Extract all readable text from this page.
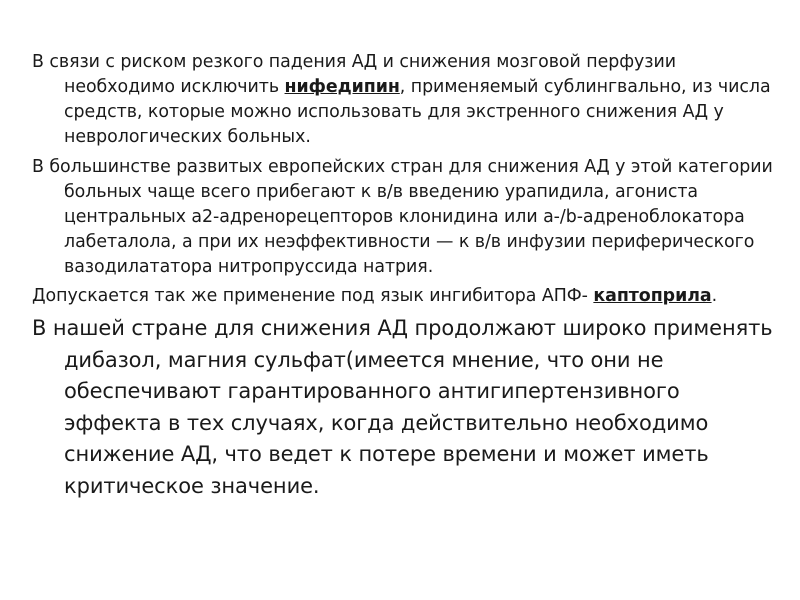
В связи с риском резкого падения АД и снижения мозговой перфузии необходимо исключить нифедипин, применяемый сублингвально, из числа средств, которые можно использовать для экстренного снижения АД у неврологических больных.

В большинстве развитых европейских стран для снижения АД у этой категории больных чаще всего прибегают к в/в введению урапидила, агониста центральных а2-адренорецепторов клонидина или а-/b-адреноблокатора лабеталола, а при их неэффективности — к в/в инфузии периферического вазодилататора нитропруссида натрия.

Допускается так же применение под язык ингибитора АПФ- каптоприла.

В нашей стране для снижения АД продолжают широко применять дибазол, магния сульфат(имеется мнение, что они не обеспечивают гарантированного антигипертензивного эффекта в тех случаях, когда действительно необходимо снижение АД, что ведет к потере времени и может иметь критическое значение.
